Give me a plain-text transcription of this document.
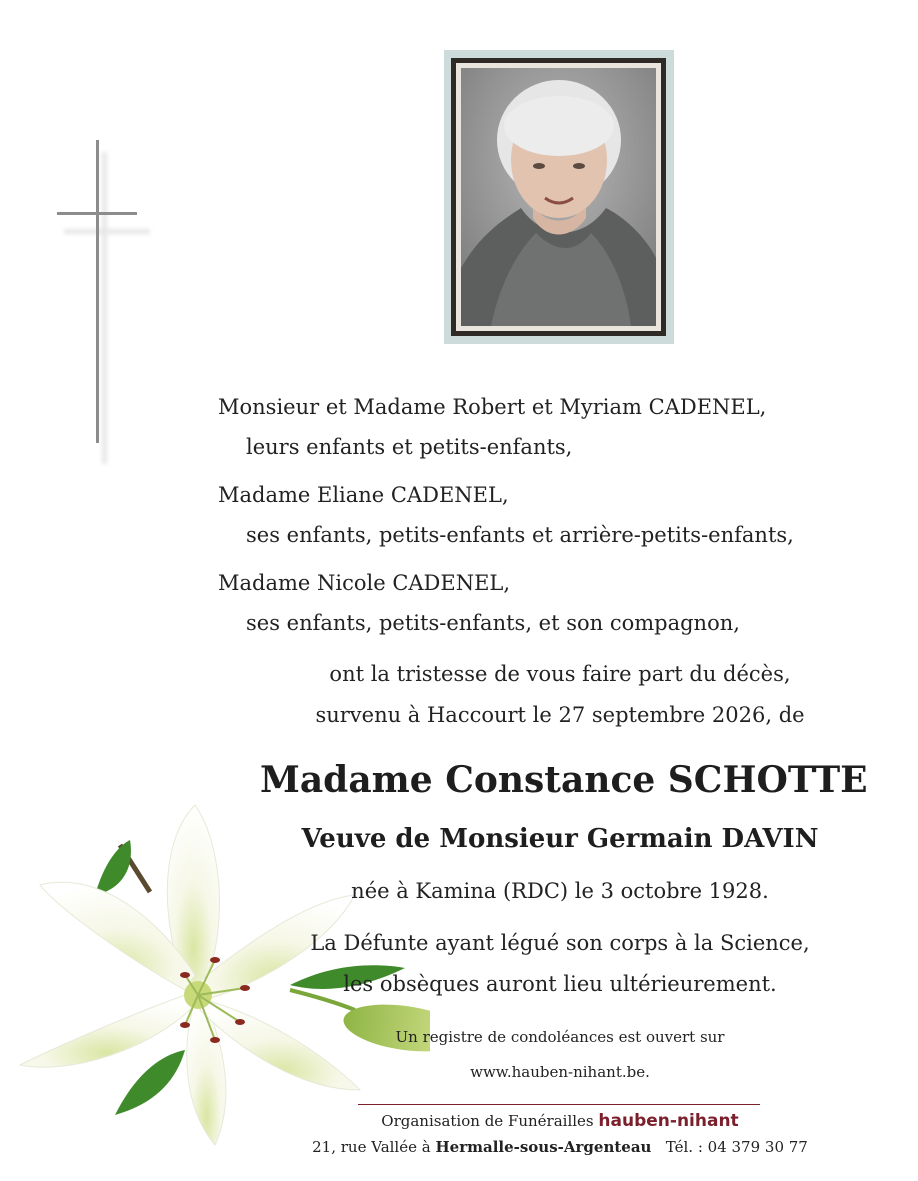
Monsieur et Madame Robert et Myriam CADENEL,
leurs enfants et petits-enfants,
Madame Eliane CADENEL,
ses enfants, petits-enfants et arrière-petits-enfants,
Madame Nicole CADENEL,
ses enfants, petits-enfants, et son compagnon,
ont la tristesse de vous faire part du décès,
survenu à Haccourt le 27 septembre 2026, de
Madame Constance SCHOTTE
Veuve de Monsieur Germain DAVIN
née à Kamina (RDC) le 3 octobre 1928.
La Défunte ayant légué son corps à la Science,
les obsèques auront lieu ultérieurement.
Un registre de condoléances est ouvert sur
www.hauben-nihant.be.
Organisation de Funérailles hauben-nihant
21, rue Vallée à Hermalle-sous-Argenteau Tél. : 04 379 30 77
